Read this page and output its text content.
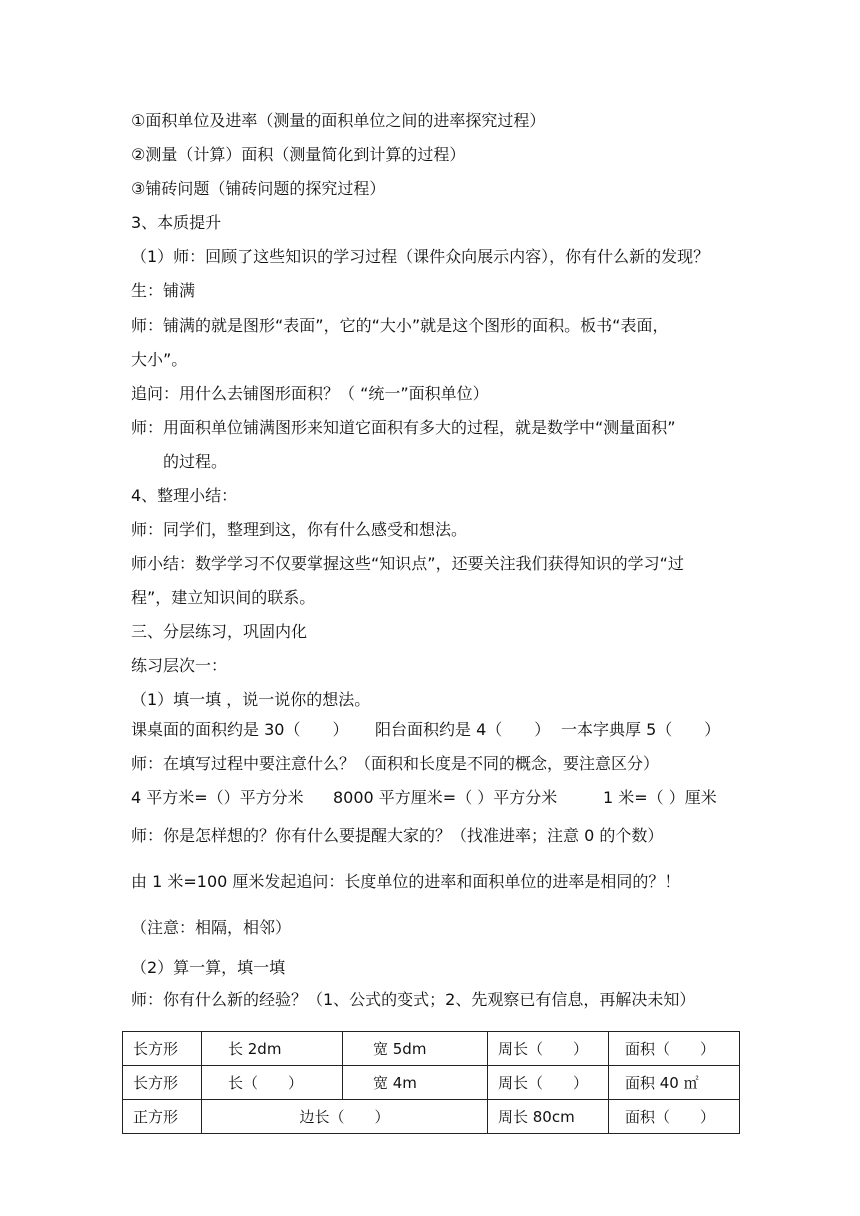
①面积单位及进率（测量的面积单位之间的进率探究过程）
②测量（计算）面积（测量简化到计算的过程）
③铺砖问题（铺砖问题的探究过程）
3、本质提升
（1）师：回顾了这些知识的学习过程（课件众向展示内容），你有什么新的发现？
生：铺满
师：铺满的就是图形“表面”，它的“大小”就是这个图形的面积。板书“表面，
大小”。
追问：用什么去铺图形面积？（ “统一”面积单位）
师：用面积单位铺满图形来知道它面积有多大的过程，就是数学中“测量面积”
的过程。
4、整理小结：
师：同学们，整理到这，你有什么感受和想法。
师小结：数学学习不仅要掌握这些“知识点”，还要关注我们获得知识的学习“过
程”，建立知识间的联系。
三、分层练习，巩固内化
练习层次一：
（1）填一填 ，说一说你的想法。
课桌面的面积约是 30（　　） 阳台面积约是 4（　　） 一本字典厚 5（　　）
师：在填写过程中要注意什么？（面积和长度是不同的概念，要注意区分）
4 平方米=（）平方分米 8000 平方厘米=（ ）平方分米	1 米=（ ）厘米
师：你是怎样想的？你有什么要提醒大家的？（找准进率；注意 0 的个数）
由 1 米=100 厘米发起追问：长度单位的进率和面积单位的进率是相同的？！
（注意：相隔，相邻）
（2）算一算，填一填
师：你有什么新的经验？（1、公式的变式；2、先观察已有信息，再解决未知）
长方形	长 2dm	宽 5dm	周长（　　）	面积（　　）
长方形	长（　　）	宽 4m	周长（　　）	面积 40 ㎡
正方形	边长（　　）		周长 80cm	面积（　　）
